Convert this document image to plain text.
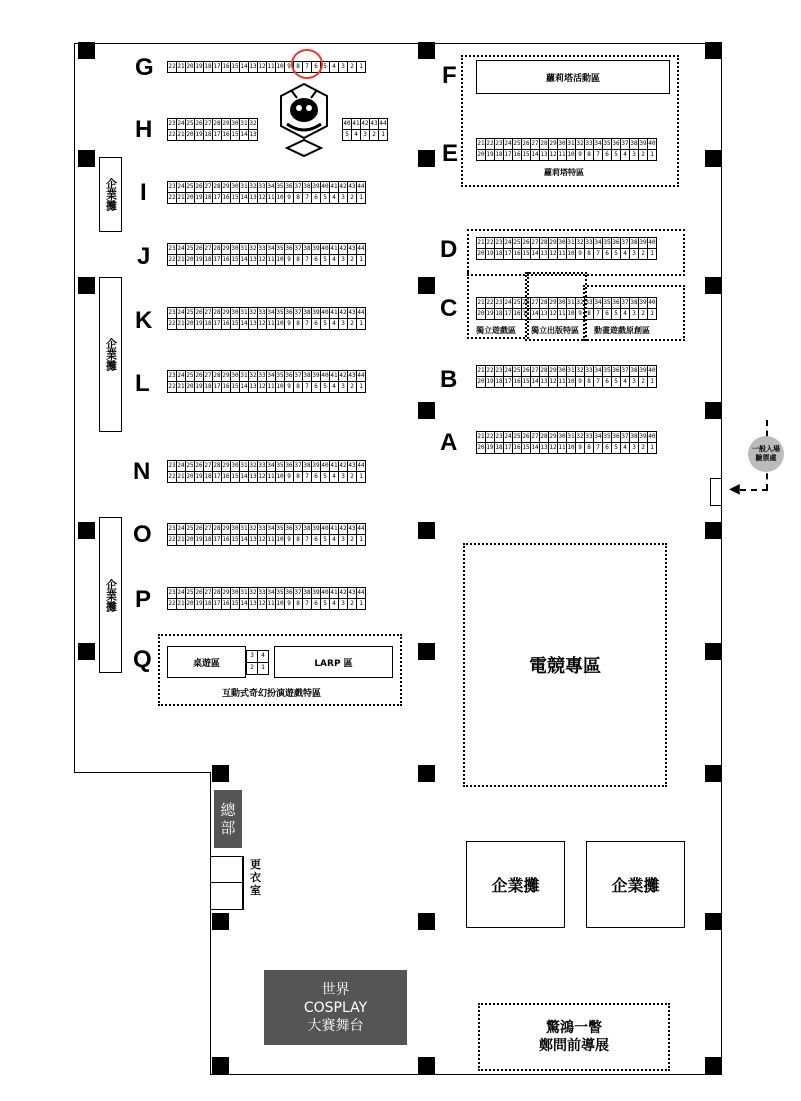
G
H
I
J
K
L
N
O
P
Q
F
E
D
C
B
A
企業攤
企業攤
企業攤
22 21 20 19 18 17 16 15 14 13 12 11 10 9 8 7 6 5 4 3 2 1
23 24 25 26 27 28 29 30 31 32
22 21 20 19 18 17 16 15 14 13
40 41 42 43 44
5 4 3 2 1
23 24 25 26 27 28 29 30 31 32 33 34 35 36 37 38 39 40 41 42 43 44
22 21 20 19 18 17 16 15 14 13 12 11 10 9 8 7 6 5 4 3 2 1
23 24 25 26 27 28 29 30 31 32 33 34 35 36 37 38 39 40 41 42 43 44
22 21 20 19 18 17 16 15 14 13 12 11 10 9 8 7 6 5 4 3 2 1
23 24 25 26 27 28 29 30 31 32 33 34 35 36 37 38 39 40 41 42 43 44
22 21 20 19 18 17 16 15 14 13 12 11 10 9 8 7 6 5 4 3 2 1
23 24 25 26 27 28 29 30 31 32 33 34 35 36 37 38 39 40 41 42 43 44
22 21 20 19 18 17 16 15 14 13 12 11 10 9 8 7 6 5 4 3 2 1
23 24 25 26 27 28 29 30 31 32 33 34 35 36 37 38 39 40 41 42 43 44
22 21 20 19 18 17 16 15 14 13 12 11 10 9 8 7 6 5 4 3 2 1
23 24 25 26 27 28 29 30 31 32 33 34 35 36 37 38 39 40 41 42 43 44
22 21 20 19 18 17 16 15 14 13 12 11 10 9 8 7 6 5 4 3 2 1
23 24 25 26 27 28 29 30 31 32 33 34 35 36 37 38 39 40 41 42 43 44
22 21 20 19 18 17 16 15 14 13 12 11 10 9 8 7 6 5 4 3 2 1
21 22 23 24 25 26 27 28 29 30 31 32 33 34 35 36 37 38 39 40
20 19 18 17 16 15 14 13 12 11 10 9 8 7 6 5 4 3 2 1
21 22 23 24 25 26 27 28 29 30 31 32 33 34 35 36 37 38 39 40
20 19 18 17 16 15 14 13 12 11 10 9 8 7 6 5 4 3 2 1
21 22 23 24 25 26 27 28 29 30 31 32 33 34 35 36 37 38 39 40
20 19 18 17 16 15 14 13 12 11 10 9 8 7 6 5 4 3 2 1
21 22 23 24 25 26 27 28 29 30 31 32 33 34 35 36 37 38 39 40
20 19 18 17 16 15 14 13 12 11 10 9 8 7 6 5 4 3 2 1
21 22 23 24 25 26 27 28 29 30 31 32 33 34 35 36 37 38 39 40
20 19 18 17 16 15 14 13 12 11 10 9 8 7 6 5 4 3 2 1
蘿莉塔活動區
蘿莉塔特區
獨立遊戲區 獨立出版特區 動畫遊戲原創區
◀
一般入場
驗票處
桌遊區
3	4
2	1	LARP 區
互動式奇幻扮演遊戲特區
電競專區
總
部
更
衣
室	企業攤	企業攤
世界
COSPLAY
大賽舞台	驚鴻一瞥
鄭問前導展
